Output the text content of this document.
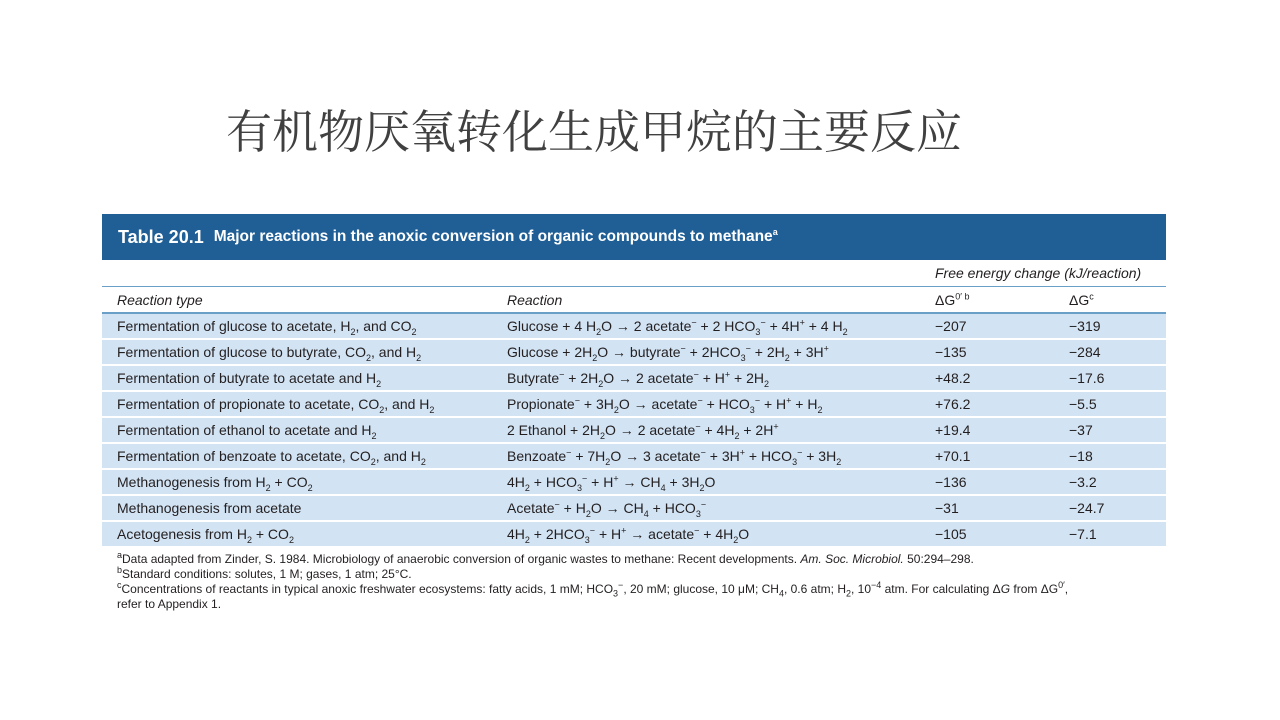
有机物厌氧转化生成甲烷的主要反应
Table 20.1 Major reactions in the anoxic conversion of organic compounds to methane$^a$
Free energy change (kJ/reaction)
Reaction type	Reaction	$\Delta G^{0' b}$	$\Delta G^c$
Fermentation of glucose to acetate, $H_2$, and $CO_2$	Glucose + 4 $H_2O \to 2$ acetate− + 2 $HCO_3^- + 4H^+ + 4$ $H_2$	−207	−319
Fermentation of glucose to butyrate, $CO_2$, and $H_2$	$Glucose + 2H_2O$ → butyrate− + $2HCO_3^- + 2H_2 + 3H^+$	−135	−284
Fermentation of butyrate to acetate and $H_2$	Butyrate− + $2H_2O \to 2$ acetate− + $H^+ + 2H_2$	+48.2	−17.6
Fermentation of propionate to acetate, $CO_2$, and $H_2$	Propionate− + $3H_2O$ → acetate− + $HCO_3^- + H^+ + H_2$	+76.2	−5.5
Fermentation of ethanol to acetate and $H_2$	2 Ethanol + $2H_2O \to 2$ acetate− + $4H_2 + 2H^+$	+19.4	−37
Fermentation of benzoate to acetate, $CO_2$, and $H_2$	Benzoate− + $7H_2O \to 3$ acetate− + $3H^+ + HCO_3^- + 3H_2$	+70.1	−18
Methanogenesis from $H_2 + CO_2$	$4H_2 + HCO_3^- + H^+ \to CH_4 + 3H_2O$	−136	−3.2
Methanogenesis from acetate	Acetate− + $H_2O \to CH_4 + HCO_3^-$	−31	−24.7
Acetogenesis from $H_2 + CO_2$	$4H_2 + 2HCO_3^- + H^+$ → acetate− + $4H_2O$	−105	−7.1
$^a$Data adapted from Zinder, S. 1984. Microbiology of anaerobic conversion of organic wastes to methane: Recent developments. Am. Soc. Microbiol. 50:294–298.
$^b$Standard conditions: solutes, 1 M; gases, 1 atm; 25°C.
$^c$Concentrations of reactants in typical anoxic freshwater ecosystems: fatty acids, 1 mM; $HCO_3^-$, 20 mM; glucose, 10 μM; $CH_4$, 0.6 atm; $H_2$, $10^{-4}$ atm. For calculating ΔG from $\Delta G^{0'}$,
refer to Appendix 1.
